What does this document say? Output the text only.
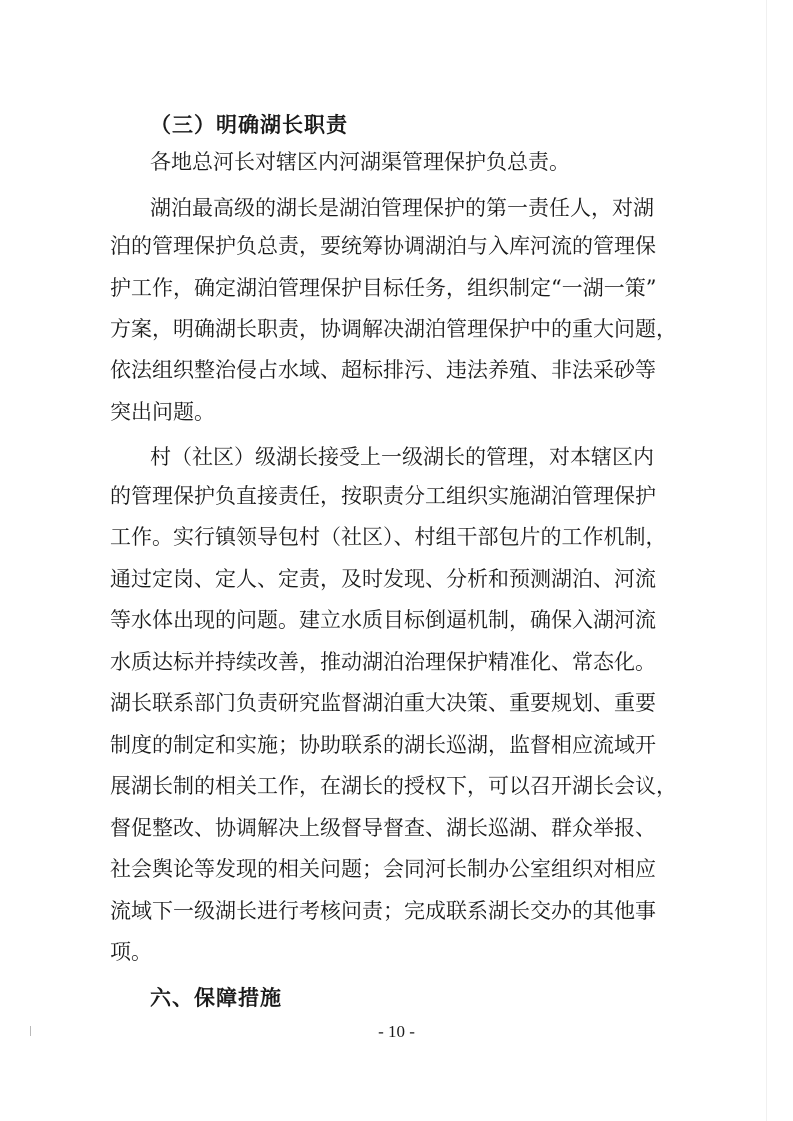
（三）明确湖长职责
各地总河长对辖区内河湖渠管理保护负总责。
湖泊最高级的湖长是湖泊管理保护的第一责任人，对湖
泊的管理保护负总责，要统筹协调湖泊与入库河流的管理保
护工作，确定湖泊管理保护目标任务，组织制定“一湖一策”
方案，明确湖长职责，协调解决湖泊管理保护中的重大问题，
依法组织整治侵占水域、超标排污、违法养殖、非法采砂等
突出问题。
村（社区）级湖长接受上一级湖长的管理，对本辖区内
的管理保护负直接责任，按职责分工组织实施湖泊管理保护
工作。实行镇领导包村（社区）、村组干部包片的工作机制，
通过定岗、定人、定责，及时发现、分析和预测湖泊、河流
等水体出现的问题。建立水质目标倒逼机制，确保入湖河流
水质达标并持续改善，推动湖泊治理保护精准化、常态化。
湖长联系部门负责研究监督湖泊重大决策、重要规划、重要
制度的制定和实施；协助联系的湖长巡湖，监督相应流域开
展湖长制的相关工作，在湖长的授权下，可以召开湖长会议，
督促整改、协调解决上级督导督查、湖长巡湖、群众举报、
社会舆论等发现的相关问题；会同河长制办公室组织对相应
流域下一级湖长进行考核问责；完成联系湖长交办的其他事
项。
六、保障措施
- 10 -
